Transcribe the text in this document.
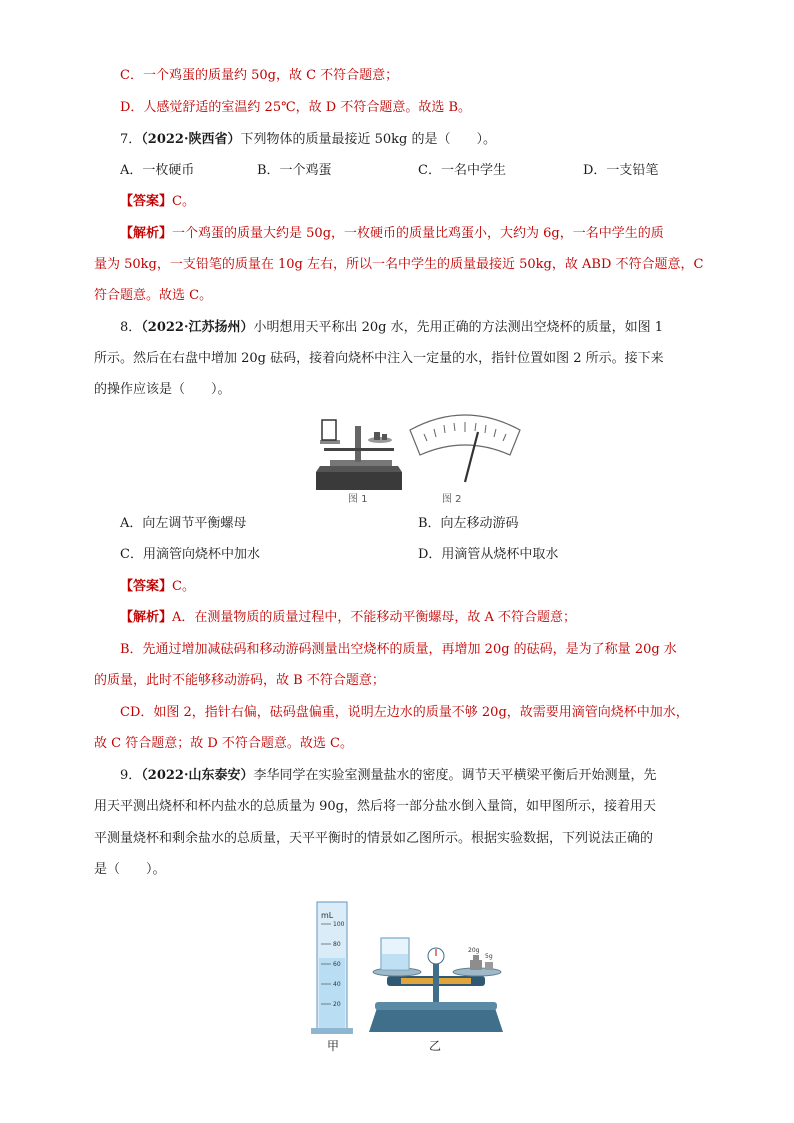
C．一个鸡蛋的质量约 50g，故 C 不符合题意；
D．人感觉舒适的室温约 25℃，故 D 不符合题意。故选 B。
7．（2022·陕西省）下列物体的质量最接近 50kg 的是（　　）。
A．一枚硬币	B．一个鸡蛋	C．一名中学生	D．一支铅笔
【答案】C。
【解析】一个鸡蛋的质量大约是 50g，一枚硬币的质量比鸡蛋小，大约为 6g，一名中学生的质
量为 50kg，一支铅笔的质量在 10g 左右，所以一名中学生的质量最接近 50kg，故 ABD 不符合题意，C
符合题意。故选 C。
8．（2022·江苏扬州）小明想用天平称出 20g 水，先用正确的方法测出空烧杯的质量，如图 1
所示。然后在右盘中增加 20g 砝码，接着向烧杯中注入一定量的水，指针位置如图 2 所示。接下来
的操作应该是（　　）。
图 1	图 2
A．向左调节平衡螺母	B．向左移动游码
C．用滴管向烧杯中加水	D．用滴管从烧杯中取水
【答案】C。
【解析】A．在测量物质的质量过程中，不能移动平衡螺母，故 A 不符合题意；
B．先通过增加减砝码和移动游码测量出空烧杯的质量，再增加 20g 的砝码，是为了称量 20g 水
的质量，此时不能够移动游码，故 B 不符合题意；
CD．如图 2，指针右偏，砝码盘偏重，说明左边水的质量不够 20g，故需要用滴管向烧杯中加水，
故 C 符合题意；故 D 不符合题意。故选 C。
9．（2022·山东泰安）李华同学在实验室测量盐水的密度。调节天平横梁平衡后开始测量，先
用天平测出烧杯和杯内盐水的总质量为 90g，然后将一部分盐水倒入量筒，如甲图所示，接着用天
平测量烧杯和剩余盐水的总质量，天平平衡时的情景如乙图所示。根据实验数据，下列说法正确的
是（　　）。
mL
100
80
60
40
20
甲
20g
5g
乙
